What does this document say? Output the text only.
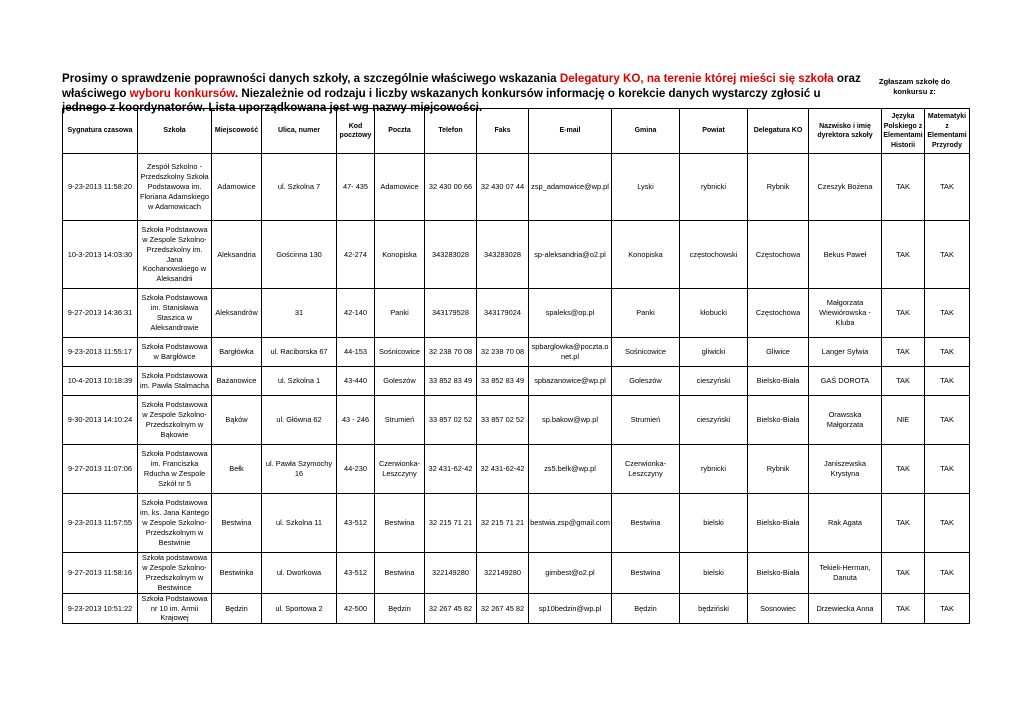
Prosimy o sprawdzenie poprawności danych szkoły, a szczególnie właściwego wskazania Delegatury KO, na terenie której mieści się szkoła oraz właściwego wyboru konkursów. Niezależnie od rodzaju i liczby wskazanych konkursów informację o korekcie danych wystarczy zgłosić u jednego z koordynatorów. Lista uporządkowana jest wg nazwy miejcowości.
Zgłaszam szkołę do konkursu z:
Sygnatura czasowa	Szkoła	Miejscowość	Ulica, numer	Kod pocztowy	Poczta	Telefon	Faks	E-mail	Gmina	Powiat	Delegatura KO	Nazwisko i imię dyrektora szkoły	Języka Polskiego z Elementami Historii	Matematyki z Elementami Przyrody
9-23-2013 11:58:20	Zespół Szkolno - Przedszkolny Szkoła Podstawowa im. Floriana Adamskiego w Adamowicach	Adamowice	ul. Szkolna 7	47- 435	Adamowice	32 430 00 66	32 430 07 44	zsp_adamowice@wp.pl	Lyski	rybnicki	Rybnik	Czeszyk Bożena	TAK	TAK
10-3-2013 14:03:30	Szkoła Podstawowa w Zespole Szkolno-Przedszkolny im. Jana Kochanowskiego w Aleksandrii	Aleksandria	Gościnna 130	42-274	Konopiska	343283028	343283028	sp-aleksandria@o2.pl	Konopiska	częstochowski	Częstochowa	Bekus Paweł	TAK	TAK
9-27-2013 14:36:31	Szkoła Podstawowa im. Stanisława Staszica w Aleksandrowie	Aleksandrów	31	42-140	Panki	343179528	343179024	spaleks@op.pl	Panki	kłobucki	Częstochowa	Małgorzata Wiewiórowska - Kluba	TAK	TAK
9-23-2013 11:55:17	Szkoła Podstawowa w Bargłówce	Bargłówka	ul. Raciborska 67	44-153	Sośnicowice	32 238 70 08	32 238 70 08	spbarglowka@poczta.onet.pl	Sośnicowice	gliwicki	Gliwice	Langer Sylwia	TAK	TAK
10-4-2013 10:18:39	Szkoła Podstawowa im. Pawła Stalmacha	Bażanowice	ul. Szkolna 1	43-440	Goleszów	33 852 83 49	33 852 83 49	spbazanowice@wp.pl	Goleszów	cieszyński	Bielsko-Biała	GAŚ DOROTA	TAK	TAK
9-30-2013 14:10:24	Szkoła Podstawowa w Zespole Szkolno-Przedszkolnym w Bąkowie	Bąków	ul. Główna 62	43 - 246	Strumień	33 857 02 52	33 857 02 52	sp.bakow@wp.pl	Strumień	cieszyński	Bielsko-Biała	Orawsska Małgorzata	NIE	TAK
9-27-2013 11:07:06	Szkoła Podstawowa im. Franciszka Rducha w Zespole Szkół nr 5	Bełk	ul. Pawła Szymochy 16	44-230	Czerwionka-Leszczyny	32 431-62-42	32 431-62-42	zs5.belk@wp.pl	Czerwionka-Leszczyny	rybnicki	Rybnik	Janiszewska Krystyna	TAK	TAK
9-23-2013 11:57:55	Szkoła Podstawowa im. ks. Jana Kantego w Zespole Szkolno-Przedszkolnym w Bestwinie	Bestwina	ul. Szkolna 11	43-512	Bestwina	32 215 71 21	32 215 71 21	bestwia.zsp@gmail.com	Bestwina	bielski	Bielsko-Biała	Rak Agata	TAK	TAK
9-27-2013 11:58:16	Szkoła podstawowa w Zespole Szkolno-Przedszkolnym w Bestwince	Bestwinka	ul. Dworkowa	43-512	Bestwina	322149280	322149280	gimbest@o2.pl	Bestwina	bielski	Bielsko-Biała	Tekieli-Herman, Danuta	TAK	TAK
9-23-2013 10:51:22	Szkoła Podstawowa nr 10 im. Armii Krajowej	Będzin	ul. Sportowa 2	42-500	Będzin	32 267 45 82	32 267 45 82	sp10bedzin@wp.pl	Będzin	będziński	Sosnowiec	Drzewiecka Anna	TAK	TAK
